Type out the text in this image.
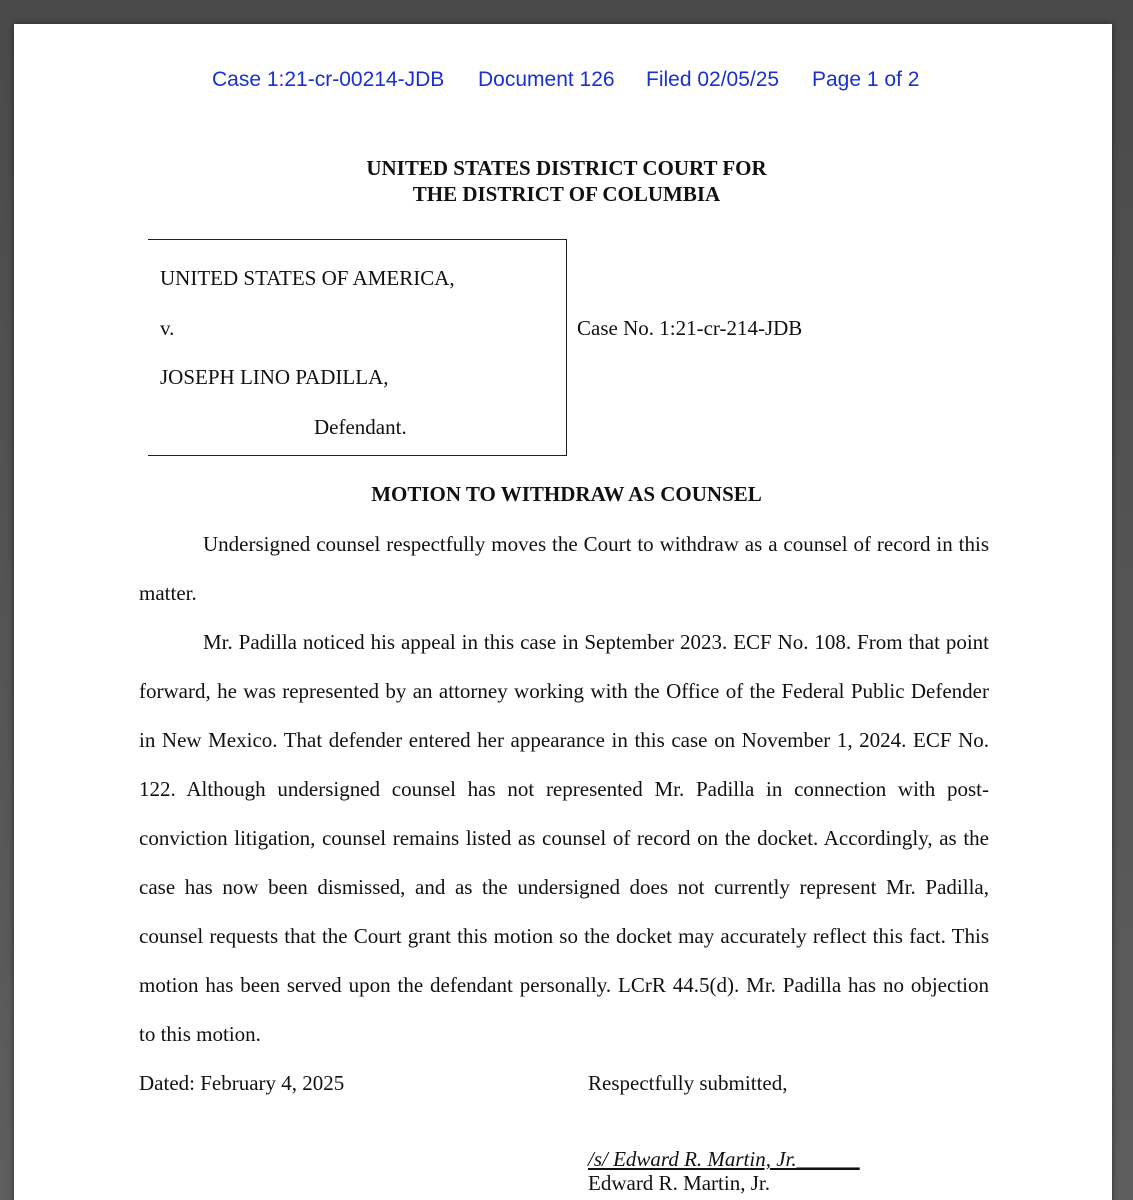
Case 1:21-cr-00214-JDB Document 126 Filed 02/05/25 Page 1 of 2
UNITED STATES DISTRICT COURT FOR
THE DISTRICT OF COLUMBIA
UNITED STATES OF AMERICA,
v.
JOSEPH LINO PADILLA,
Defendant.
Case No. 1:21-cr-214-JDB
MOTION TO WITHDRAW AS COUNSEL
Undersigned counsel respectfully moves the Court to withdraw as a counsel of record in this
matter.
Mr. Padilla noticed his appeal in this case in September 2023. ECF No. 108. From that point
forward, he was represented by an attorney working with the Office of the Federal Public Defender
in New Mexico. That defender entered her appearance in this case on November 1, 2024. ECF No.
122. Although undersigned counsel has not represented Mr. Padilla in connection with post-
conviction litigation, counsel remains listed as counsel of record on the docket. Accordingly, as the
case has now been dismissed, and as the undersigned does not currently represent Mr. Padilla,
counsel requests that the Court grant this motion so the docket may accurately reflect this fact. This
motion has been served upon the defendant personally. LCrR 44.5(d). Mr. Padilla has no objection
to this motion.
Dated: February 4, 2025	Respectfully submitted,
/s/ Edward R. Martin, Jr.______
Edward R. Martin, Jr.
